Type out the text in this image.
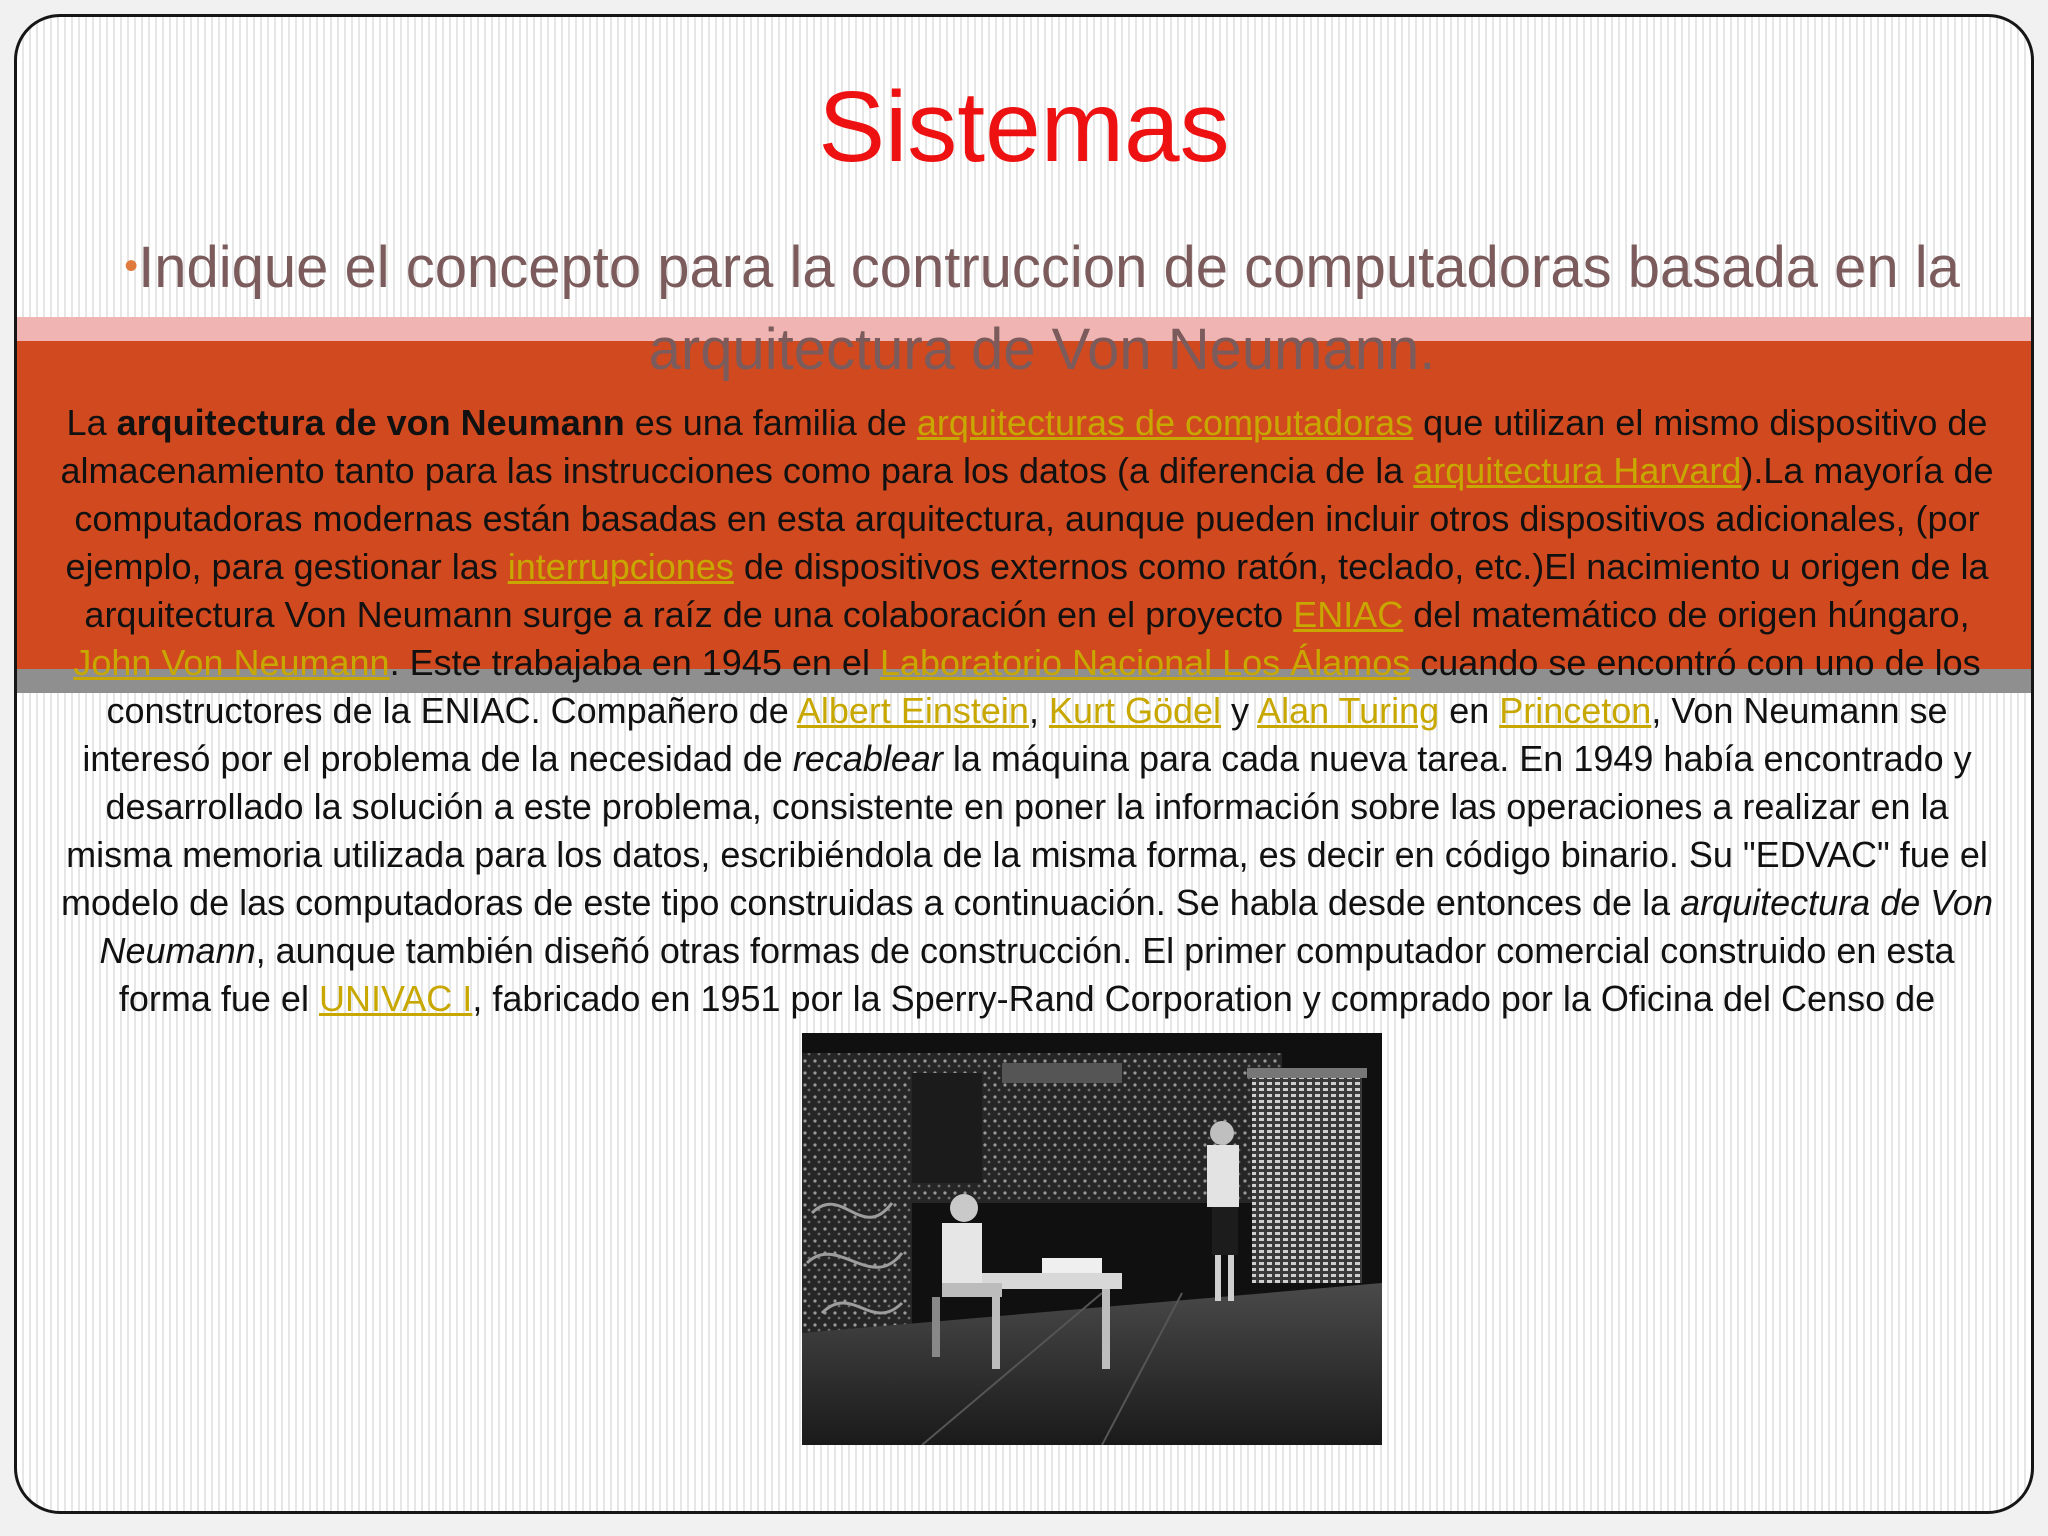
Sistemas
•Indique el concepto para la contruccion de computadoras basada en la arquitectura de Von Neumann.
La arquitectura de von Neumann es una familia de arquitecturas de computadoras que utilizan el mismo dispositivo de almacenamiento tanto para las instrucciones como para los datos (a diferencia de la arquitectura Harvard).La mayoría de computadoras modernas están basadas en esta arquitectura, aunque pueden incluir otros dispositivos adicionales, (por ejemplo, para gestionar las interrupciones de dispositivos externos como ratón, teclado, etc.)El nacimiento u origen de la arquitectura Von Neumann surge a raíz de una colaboración en el proyecto ENIAC del matemático de origen húngaro, John Von Neumann. Este trabajaba en 1945 en el Laboratorio Nacional Los Álamos cuando se encontró con uno de los constructores de la ENIAC. Compañero de Albert Einstein, Kurt Gödel y Alan Turing en Princeton, Von Neumann se interesó por el problema de la necesidad de recablear la máquina para cada nueva tarea. En 1949 había encontrado y desarrollado la solución a este problema, consistente en poner la información sobre las operaciones a realizar en la misma memoria utilizada para los datos, escribiéndola de la misma forma, es decir en código binario. Su "EDVAC" fue el modelo de las computadoras de este tipo construidas a continuación. Se habla desde entonces de la arquitectura de Von Neumann, aunque también diseñó otras formas de construcción. El primer computador comercial construido en esta forma fue el UNIVAC I, fabricado en 1951 por la Sperry-Rand Corporation y comprado por la Oficina del Censo de
